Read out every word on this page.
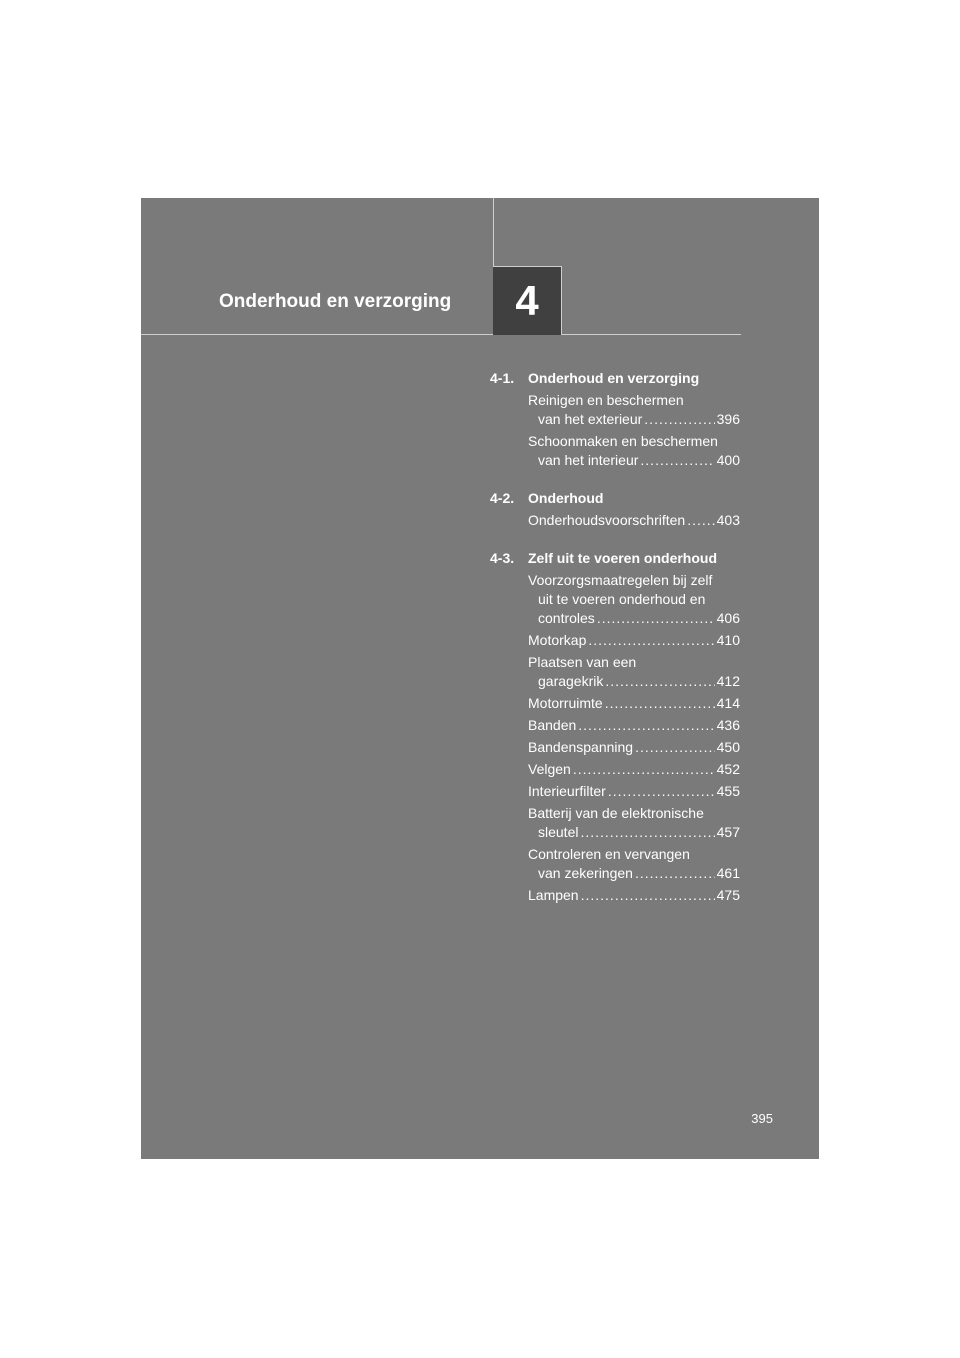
Onderhoud en verzorging 4
4-1. Onderhoud en verzorging
Reinigen en beschermen
van het exterieur .....	396
Schoonmaken en beschermen
van het interieur .....	400
4-2. Onderhoud
Onderhoudsvoorschriften ..... 403
4-3. Zelf uit te voeren onderhoud
Voorzorgsmaatregelen bij zelf
uit te voeren onderhoud en
controles .....	406
Motorkap .....	410
Plaatsen van een
garagekrik .....	412
Motorruimte .....	414
Banden .....	436
Bandenspanning .....	450
Velgen .....	452
Interieurfilter .....	455
Batterij van de elektronische
sleutel .....	457
Controleren en vervangen
van zekeringen .....	461
Lampen .....	475
395
